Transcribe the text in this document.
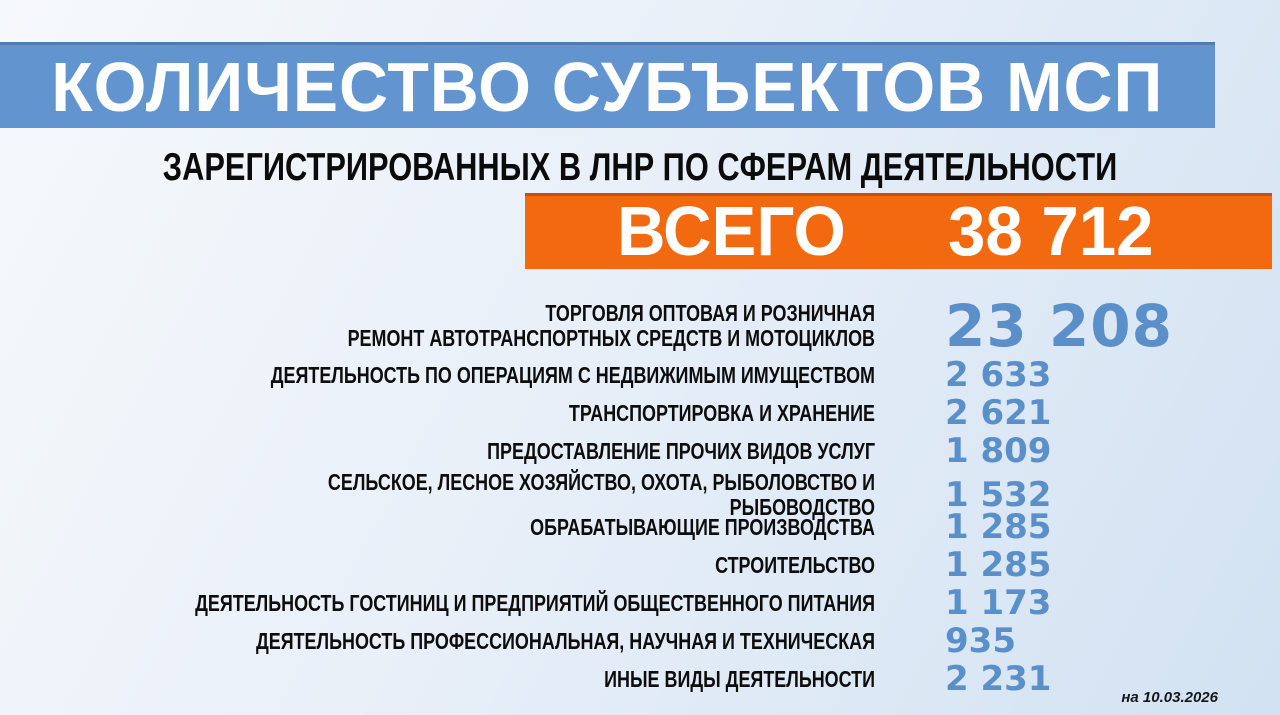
КОЛИЧЕСТВО СУБЪЕКТОВ МСП
ЗАРЕГИСТРИРОВАННЫХ В ЛНР ПО СФЕРАМ ДЕЯТЕЛЬНОСТИ
ВСЕГО 38 712
ТОРГОВЛЯ ОПТОВАЯ И РОЗНИЧНАЯ
РЕМОНТ АВТОТРАНСПОРТНЫХ СРЕДСТВ И МОТОЦИКЛОВ 23 208
ДЕЯТЕЛЬНОСТЬ ПО ОПЕРАЦИЯМ С НЕДВИЖИМЫМ ИМУЩЕСТВОМ 2 633
ТРАНСПОРТИРОВКА И ХРАНЕНИЕ 2 621
ПРЕДОСТАВЛЕНИЕ ПРОЧИХ ВИДОВ УСЛУГ 1 809
СЕЛЬСКОЕ, ЛЕСНОЕ ХОЗЯЙСТВО, ОХОТА, РЫБОЛОВСТВО И РЫБОВОДСТВО 1 532
ОБРАБАТЫВАЮЩИЕ ПРОИЗВОДСТВА 1 285
СТРОИТЕЛЬСТВО 1 285
ДЕЯТЕЛЬНОСТЬ ГОСТИНИЦ И ПРЕДПРИЯТИЙ ОБЩЕСТВЕННОГО ПИТАНИЯ 1 173
ДЕЯТЕЛЬНОСТЬ ПРОФЕССИОНАЛЬНАЯ, НАУЧНАЯ И ТЕХНИЧЕСКАЯ 935
ИНЫЕ ВИДЫ ДЕЯТЕЛЬНОСТИ 2 231	на 10.03.2026
